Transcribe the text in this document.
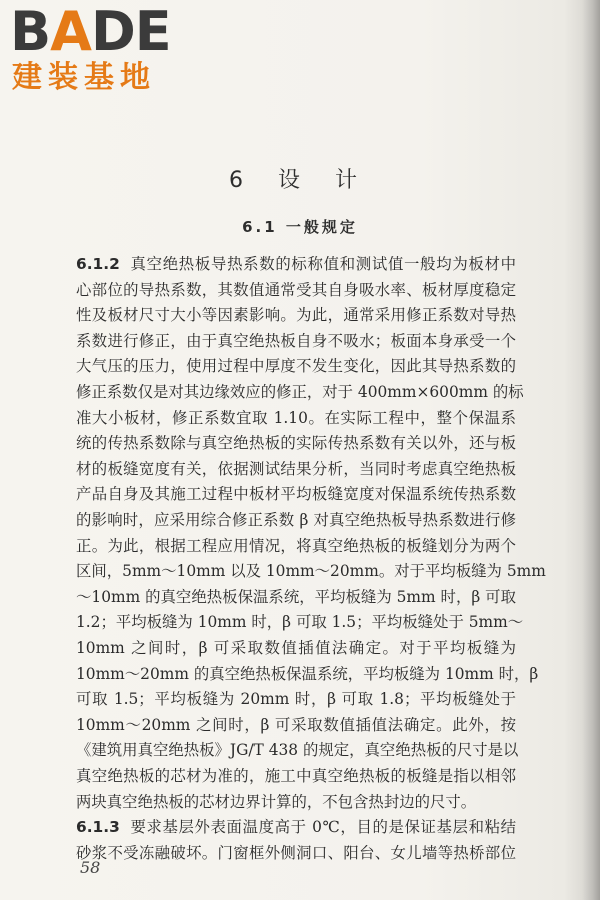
BADE
建装基地
6 设 计
6.1 一般规定
6.1.2 真空绝热板导热系数的标称值和测试值一般均为板材中
心部位的导热系数，其数值通常受其自身吸水率、板材厚度稳定
性及板材尺寸大小等因素影响。为此，通常采用修正系数对导热
系数进行修正，由于真空绝热板自身不吸水；板面本身承受一个
大气压的压力，使用过程中厚度不发生变化，因此其导热系数的
修正系数仅是对其边缘效应的修正，对于 400mm×600mm 的标
准大小板材，修正系数宜取 1.10。在实际工程中，整个保温系
统的传热系数除与真空绝热板的实际传热系数有关以外，还与板
材的板缝宽度有关，依据测试结果分析，当同时考虑真空绝热板
产品自身及其施工过程中板材平均板缝宽度对保温系统传热系数
的影响时，应采用综合修正系数 β 对真空绝热板导热系数进行修
正。为此，根据工程应用情况，将真空绝热板的板缝划分为两个
区间，5mm～10mm 以及 10mm～20mm。对于平均板缝为 5mm
～10mm 的真空绝热板保温系统，平均板缝为 5mm 时，β 可取
1.2；平均板缝为 10mm 时，β 可取 1.5；平均板缝处于 5mm～
10mm 之间时，β 可采取数值插值法确定。对于平均板缝为
10mm～20mm 的真空绝热板保温系统，平均板缝为 10mm 时，β
可取 1.5；平均板缝为 20mm 时，β 可取 1.8；平均板缝处于
10mm～20mm 之间时，β 可采取数值插值法确定。此外，按
《建筑用真空绝热板》JG/T 438 的规定，真空绝热板的尺寸是以
真空绝热板的芯材为准的，施工中真空绝热板的板缝是指以相邻
两块真空绝热板的芯材边界计算的，不包含热封边的尺寸。
6.1.3 要求基层外表面温度高于 0℃，目的是保证基层和粘结
砂浆不受冻融破坏。门窗框外侧洞口、阳台、女儿墙等热桥部位
58
